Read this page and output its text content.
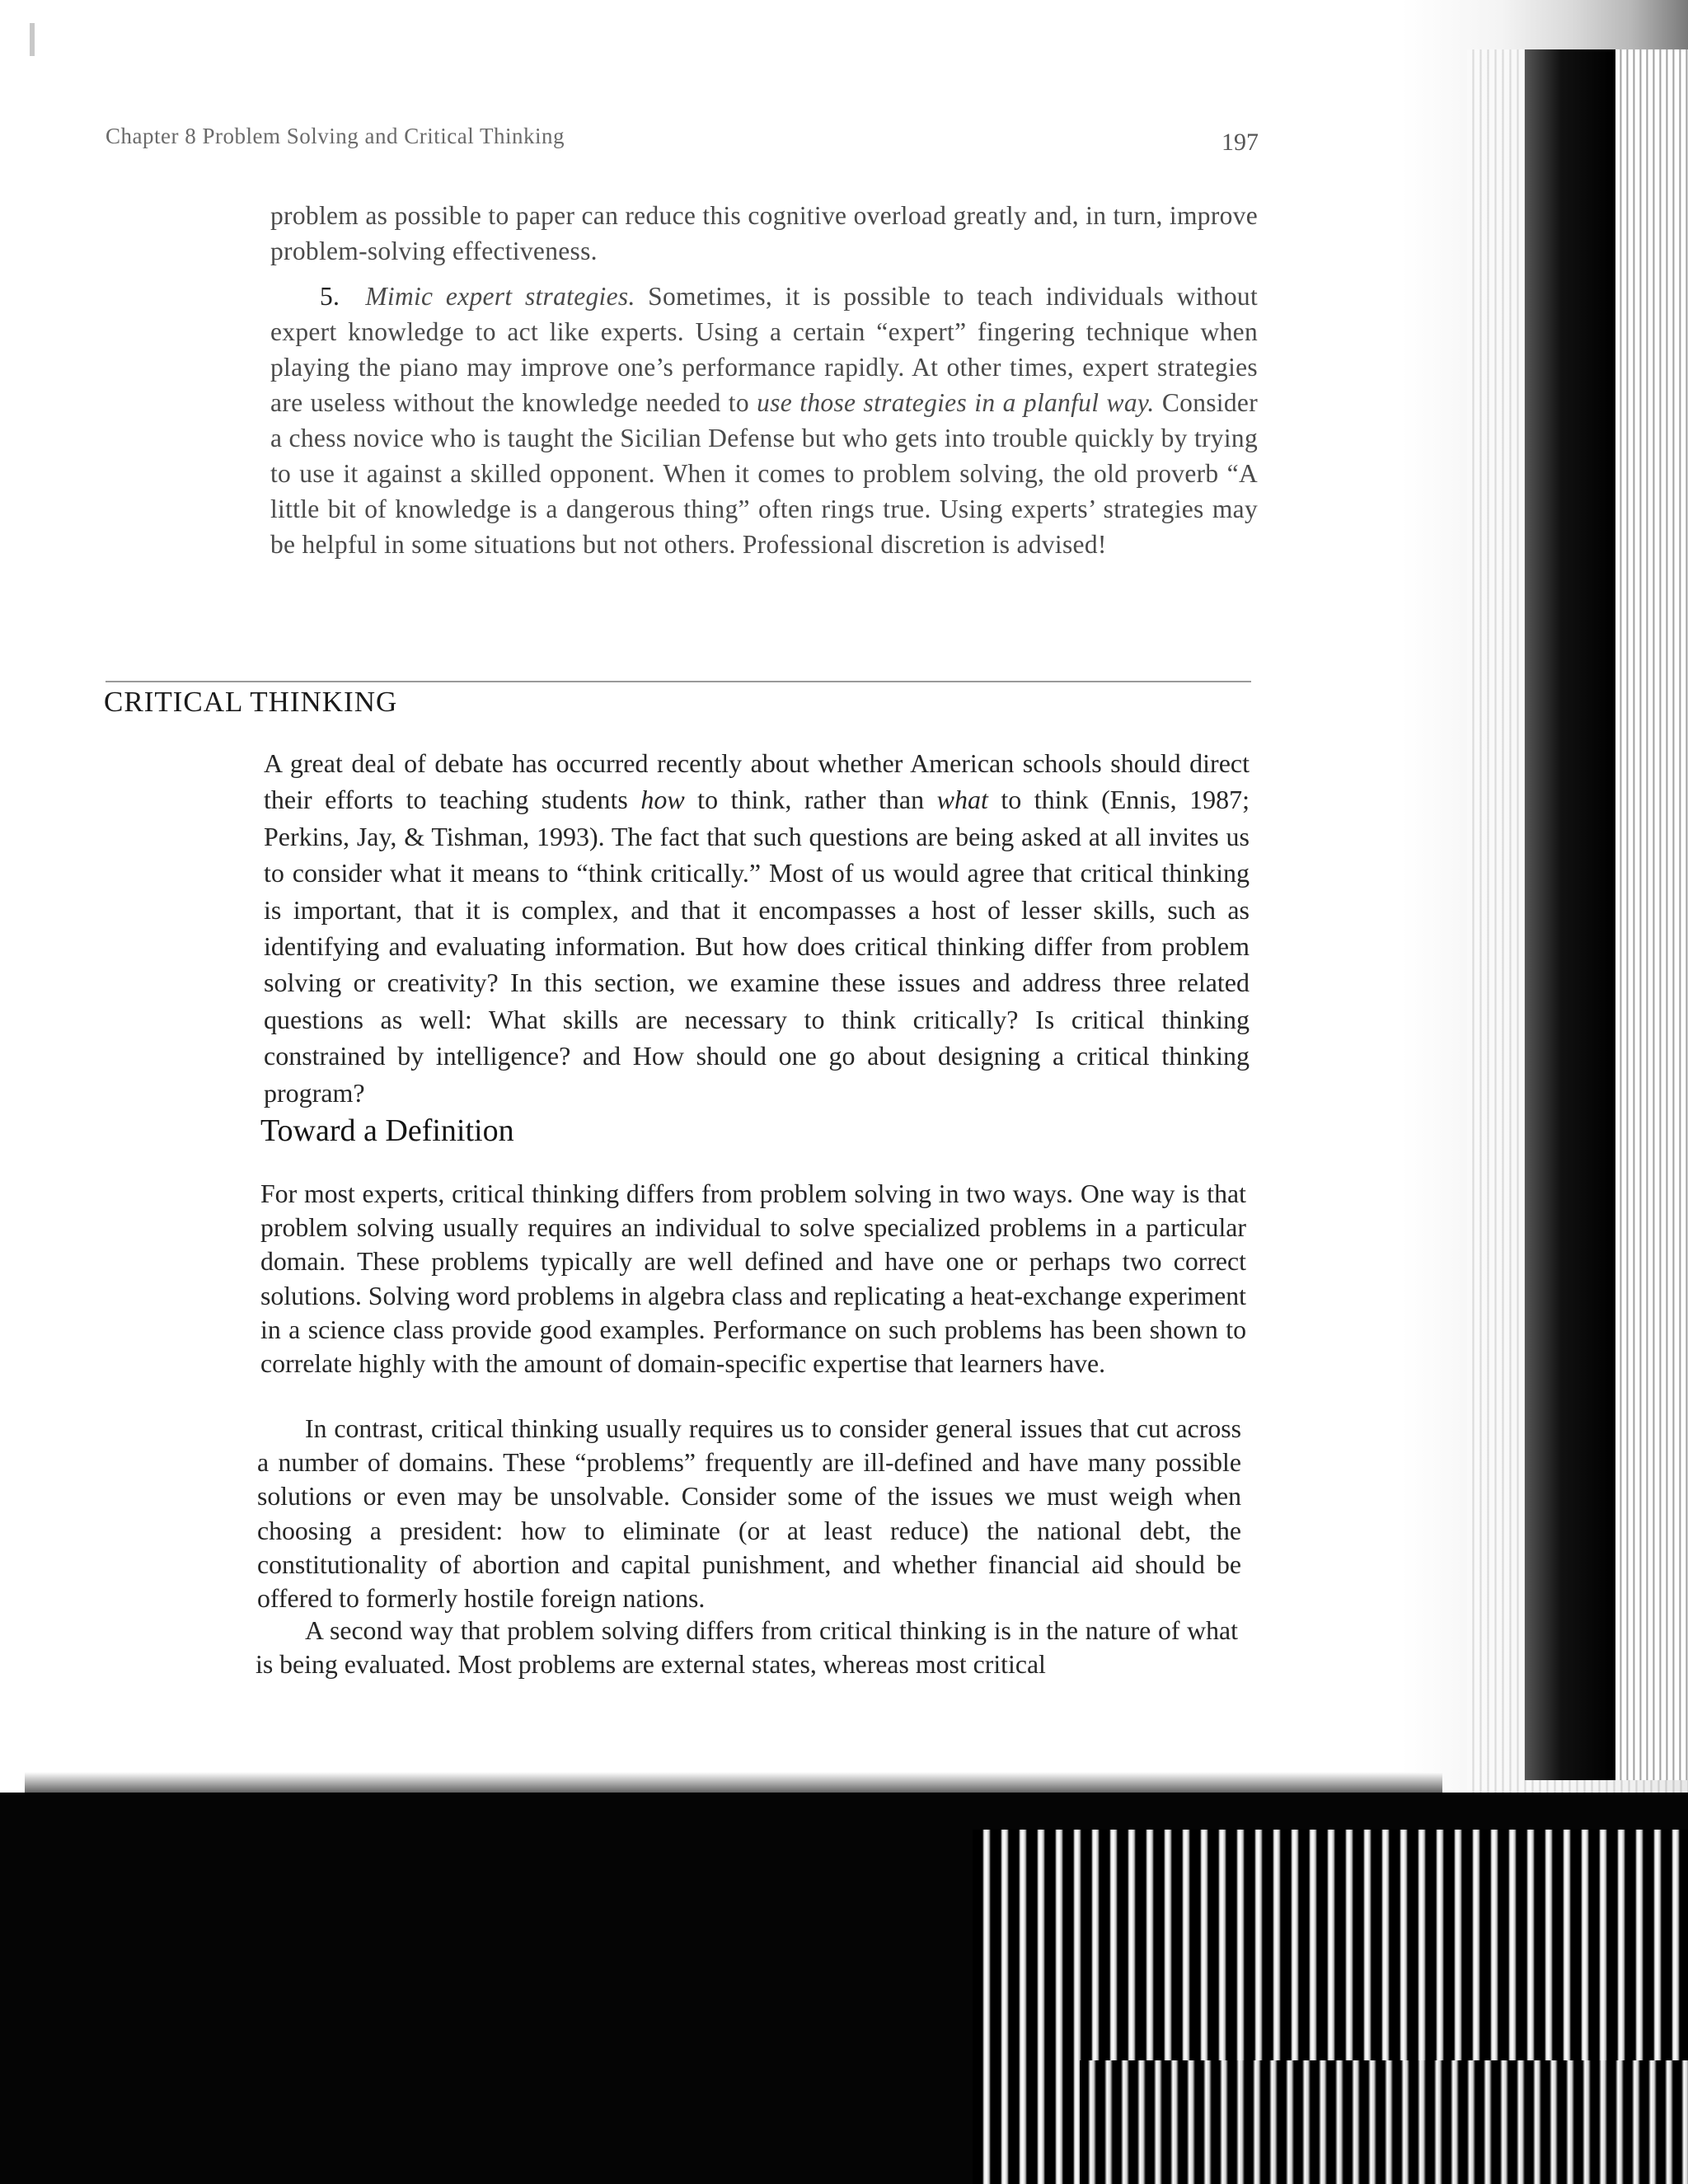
Chapter 8 Problem Solving and Critical Thinking	197

problem as possible to paper can reduce this cognitive overload greatly and, in turn, improve problem-solving effectiveness.

5. Mimic expert strategies. Sometimes, it is possible to teach individuals without expert knowledge to act like experts. Using a certain “expert” fingering technique when playing the piano may improve one’s performance rapidly. At other times, expert strategies are useless without the knowledge needed to use those strategies in a planful way. Consider a chess novice who is taught the Sicilian Defense but who gets into trouble quickly by trying to use it against a skilled opponent. When it comes to problem solving, the old proverb “A little bit of knowledge is a dangerous thing” often rings true. Using experts’ strategies may be helpful in some situations but not others. Professional discretion is advised!

CRITICAL THINKING

A great deal of debate has occurred recently about whether American schools should direct their efforts to teaching students how to think, rather than what to think (Ennis, 1987; Perkins, Jay, & Tishman, 1993). The fact that such questions are being asked at all invites us to consider what it means to “think critically.” Most of us would agree that critical thinking is important, that it is complex, and that it encompasses a host of lesser skills, such as identifying and evaluating information. But how does critical thinking differ from problem solving or creativity? In this section, we examine these issues and address three related questions as well: What skills are necessary to think critically? Is critical thinking constrained by intelligence? and How should one go about designing a critical thinking program?

Toward a Definition

For most experts, critical thinking differs from problem solving in two ways. One way is that problem solving usually requires an individual to solve specialized problems in a particular domain. These problems typically are well defined and have one or perhaps two correct solutions. Solving word problems in algebra class and replicating a heat-exchange experiment in a science class provide good examples. Performance on such problems has been shown to correlate highly with the amount of domain-specific expertise that learners have.

In contrast, critical thinking usually requires us to consider general issues that cut across a number of domains. These “problems” frequently are ill-defined and have many possible solutions or even may be unsolvable. Consider some of the issues we must weigh when choosing a president: how to eliminate (or at least reduce) the national debt, the constitutionality of abortion and capital punishment, and whether financial aid should be offered to formerly hostile foreign nations.

A second way that problem solving differs from critical thinking is in the nature of what is being evaluated. Most problems are external states, whereas most critical
